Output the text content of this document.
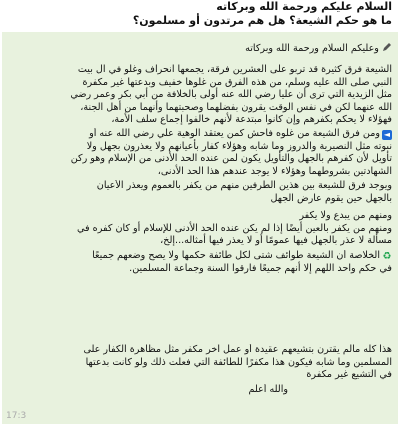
السلام عليكم ورحمة الله وبركاته
ما هو حكم الشيعة؟ هل هم مرتدون أو مسلمون؟
وعليكم السلام ورحمة الله وبركاته
الشيعة فرق كثيرة قد تربو على العشرين فرقة، يجمعها انحراف وغلو في آل بيت
النبي صلى الله عليه وسلم، من هذه الفرق من غلوها خفيف وبدعتها غير مكفرة
مثل الزيدية التي ترى أن عليا رضي الله عنه أولى بالخلافة من أبي بكر وعمر رضي
الله عنهما لكن في نفس الوقت يقرون بفضلهما وصحبتهما وأنهما من أهل الجنة،
فهؤلاء لا يحكم بكفرهم وإن كانوا مبتدعة لأنهم خالفوا إجماع سلف الأمة،
◄ومن فرق الشيعة من غلوه فاحش كمن يعتقد الوهية علي رضي الله عنه أو
نبوته مثل النصيرية والدروز وما شابه وهؤلاء كفار بأعيانهم ولا يعذرون بجهل ولا
تأويل لأن كفرهم بالجهل والتأويل يكون لمن عنده الحد الأدنى من الإسلام وهو ركن
الشهادتين بشروطهما وهؤلاء لا يوجد عندهم هذا الحد الأدنى،
ويوجد فرق للشيعة بين هذين الطرفين منهم من يكفر بالعموم ويعذر الأعيان
بالجهل حين يقوم عارض الجهل
ومنهم من يبدع ولا يكفر
ومنهم من يكفر بالعين أيضًا إذا لم يكن عنده الحد الأدنى للإسلام أو كان كفره في
مسألة لا عذر بالجهل فيها عمومًا أو لا يعذر فيها أمثاله...إلخ،
♻الخلاصة أن الشيعة طوائف شتى لكل طائفة حكمها ولا يصح وضعهم جميعًا
في حكم واحد اللهم إلا أنهم جميعًا فارقوا السنة وجماعة المسلمين.
هذا كله مالم يقترن بتشيعهم عقيدة أو عمل آخر مكفر مثل مظاهرة الكفار على
المسلمين وما شابه فيكون هذا مكفرًا للطائفة التي فعلت ذلك ولو كانت بدعتها
في التشيع غير مكفرة
والله أعلم
17:3
